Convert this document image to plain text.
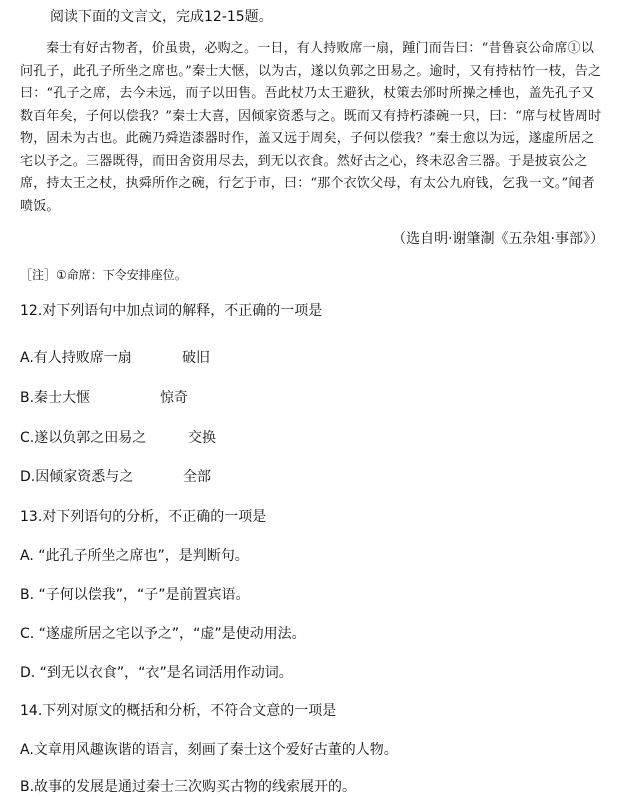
阅读下面的文言文，完成12-15题。

秦士有好古物者，价虽贵，必购之。一日，有人持败席一扇，踵门而告曰：“昔鲁哀公命席①以问孔子，此孔子所坐之席也。”秦士大惬，以为古，遂以负郭之田易之。逾时，又有持枯竹一枝，告之曰：“孔子之席，去今未远，而子以田售。吾此杖乃太王避狄，杖策去邠时所操之棰也，盖先孔子又数百年矣，子何以偿我？”秦士大喜，因倾家资悉与之。既而又有持朽漆碗一只，曰：“席与杖皆周时物，固未为古也。此碗乃舜造漆器时作，盖又远于周矣，子何以偿我？”秦士愈以为远，遂虚所居之宅以予之。三器既得，而田舍资用尽去，到无以衣食。然好古之心，终未忍舍三器。于是披哀公之席，持太王之杖，执舜所作之碗，行乞于市，曰：“那个衣饮父母，有太公九府钱，乞我一文。”闻者喷饭。

（选自明·谢肇淛《五杂俎·事部》）
［注］①命席：下令安排座位。
12.对下列语句中加点词的解释，不正确的一项是
A.有人持败席一扇	破旧
B.秦士大惬	惊奇
C.遂以负郭之田易之	交换
D.因倾家资悉与之	全部
13.对下列语句的分析，不正确的一项是
A. “此孔子所坐之席也”，是判断句。
B. “子何以偿我”，“子”是前置宾语。
C. “遂虚所居之宅以予之”，“虚”是使动用法。
D. “到无以衣食”，“衣”是名词活用作动词。
14.下列对原文的概括和分析，不符合文意的一项是
A.文章用风趣诙谐的语言，刻画了秦士这个爱好古董的人物。
B.故事的发展是通过秦士三次购买古物的线索展开的。
